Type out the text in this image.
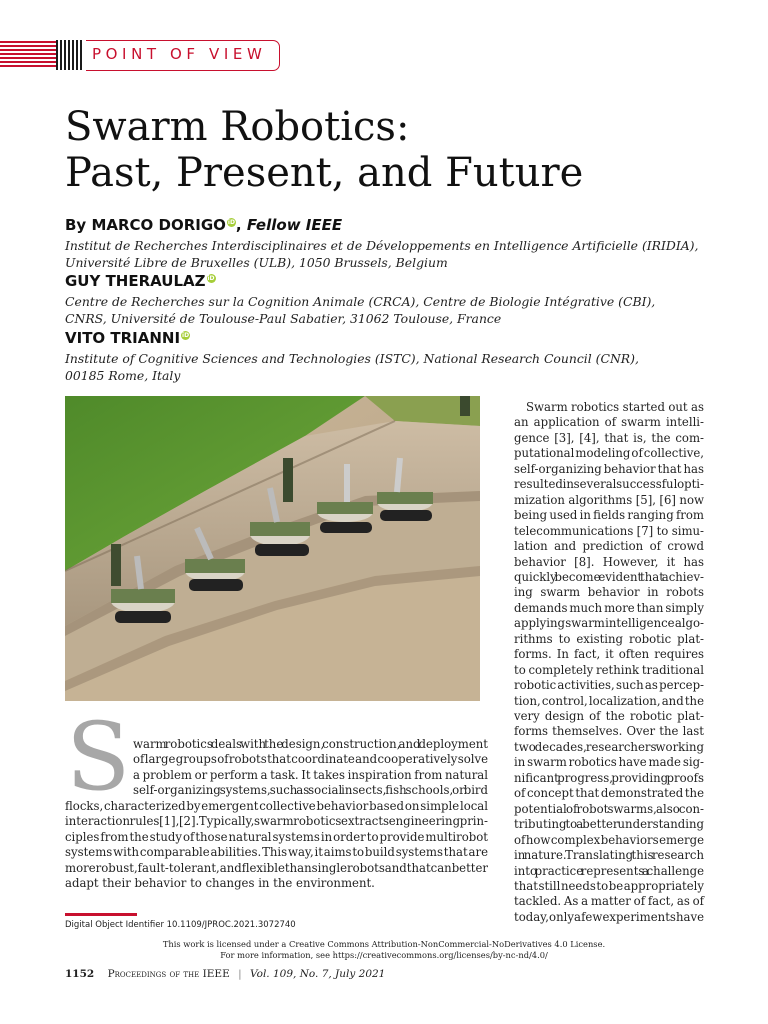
POINT OF VIEW
Swarm Robotics:
Past, Present, and Future
By MARCO DORIGO iD, Fellow IEEE
Institut de Recherches Interdisciplinaires et de Développements en Intelligence Artificielle (IRIDIA),
Université Libre de Bruxelles (ULB), 1050 Brussels, Belgium
GUY THERAULAZ iD
Centre de Recherches sur la Cognition Animale (CRCA), Centre de Biologie Intégrative (CBI),
CNRS, Université de Toulouse-Paul Sabatier, 31062 Toulouse, France
VITO TRIANNI iD
Institute of Cognitive Sciences and Technologies (ISTC), National Research Council (CNR),
00185 Rome, Italy
S warm robotics deals with the design, construction, and deployment
of large groups of robots that coordinate and cooperatively solve
a problem or perform a task. It takes inspiration from natural
self-organizing systems, such as social insects, fish schools, or bird
flocks, characterized by emergent collective behavior based on simple local
interaction rules [1], [2]. Typically, swarm robotics extracts engineering prin-
ciples from the study of those natural systems in order to provide multirobot
systems with comparable abilities. This way, it aims to build systems that are
more robust, fault-tolerant, and flexible than single robots and that can better
adapt their behavior to changes in the environment.
Swarm robotics started out as
an application of swarm intelli-
gence [3], [4], that is, the com-
putational modeling of collective,
self-organizing behavior that has
resulted in several successful opti-
mization algorithms [5], [6] now
being used in fields ranging from
telecommunications [7] to simu-
lation and prediction of crowd
behavior [8]. However, it has
quickly become evident that achiev-
ing swarm behavior in robots
demands much more than simply
applying swarm intelligence algo-
rithms to existing robotic plat-
forms. In fact, it often requires
to completely rethink traditional
robotic activities, such as percep-
tion, control, localization, and the
very design of the robotic plat-
forms themselves. Over the last
two decades, researchers working
in swarm robotics have made sig-
nificant progress, providing proofs
of concept that demonstrated the
potential of robot swarms, also con-
tributing to a better understanding
of how complex behaviors emerge
in nature. Translating this research
into practice represents a challenge
that still needs to be appropriately
tackled. As a matter of fact, as of
today, only a few experiments have
Digital Object Identifier 10.1109/JPROC.2021.3072740
This work is licensed under a Creative Commons Attribution-NonCommercial-NoDerivatives 4.0 License.
For more information, see https://creativecommons.org/licenses/by-nc-nd/4.0/
1152 Proceedings of the IEEE | Vol. 109, No. 7, July 2021
